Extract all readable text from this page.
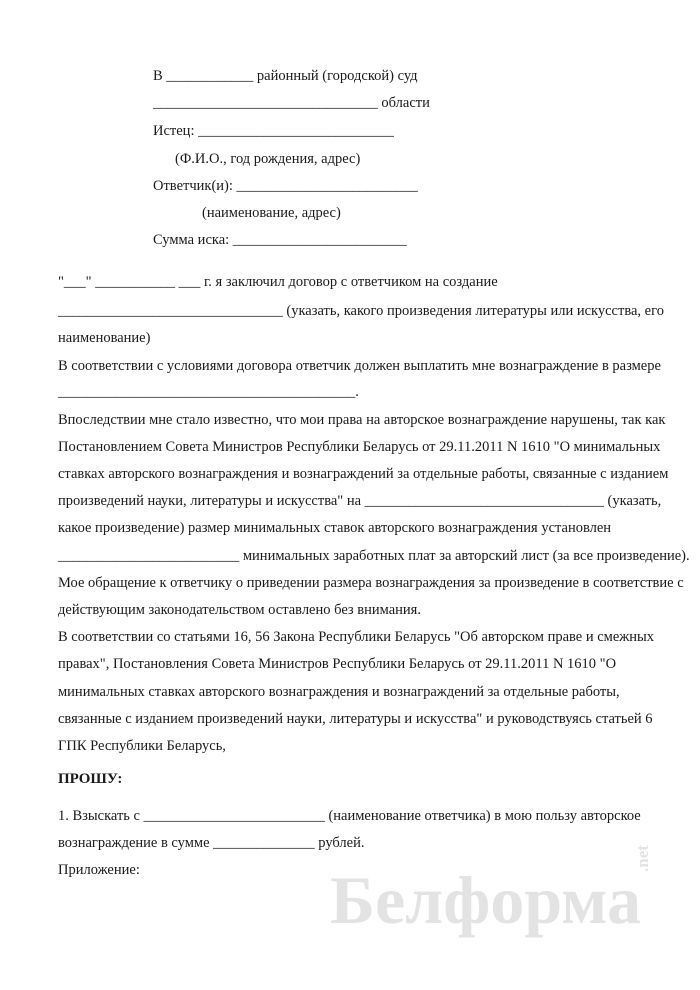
В ____________ районный (городской) суд

_______________________________ области

Истец: ___________________________

(Ф.И.О., год рождения, адрес)

Ответчик(и): _________________________

(наименование, адрес)

Сумма иска: ________________________

"___" ___________ ___ г. я заключил договор с ответчиком на создание

_______________________________ (указать, какого произведения литературы или искусства, его

наименование)

В соответствии с условиями договора ответчик должен выплатить мне вознаграждение в размере

_________________________________________.

Впоследствии мне стало известно, что мои права на авторское вознаграждение нарушены, так как

Постановлением Совета Министров Республики Беларусь от 29.11.2011 N 1610 "О минимальных

ставках авторского вознаграждения и вознаграждений за отдельные работы, связанные с изданием

произведений науки, литературы и искусства" на _________________________________ (указать,

какое произведение) размер минимальных ставок авторского вознаграждения установлен

_________________________ минимальных заработных плат за авторский лист (за все произведение).

Мое обращение к ответчику о приведении размера вознаграждения за произведение в соответствие с

действующим законодательством оставлено без внимания.

В соответствии со статьями 16, 56 Закона Республики Беларусь "Об авторском праве и смежных

правах", Постановления Совета Министров Республики Беларусь от 29.11.2011 N 1610 "О

минимальных ставках авторского вознаграждения и вознаграждений за отдельные работы,

связанные с изданием произведений науки, литературы и искусства" и руководствуясь статьей 6

ГПК Республики Беларусь,

ПРОШУ:

1. Взыскать с _________________________ (наименование ответчика) в мою пользу авторское

вознаграждение в сумме ______________ рублей.

Приложение:	Белформа
.net
